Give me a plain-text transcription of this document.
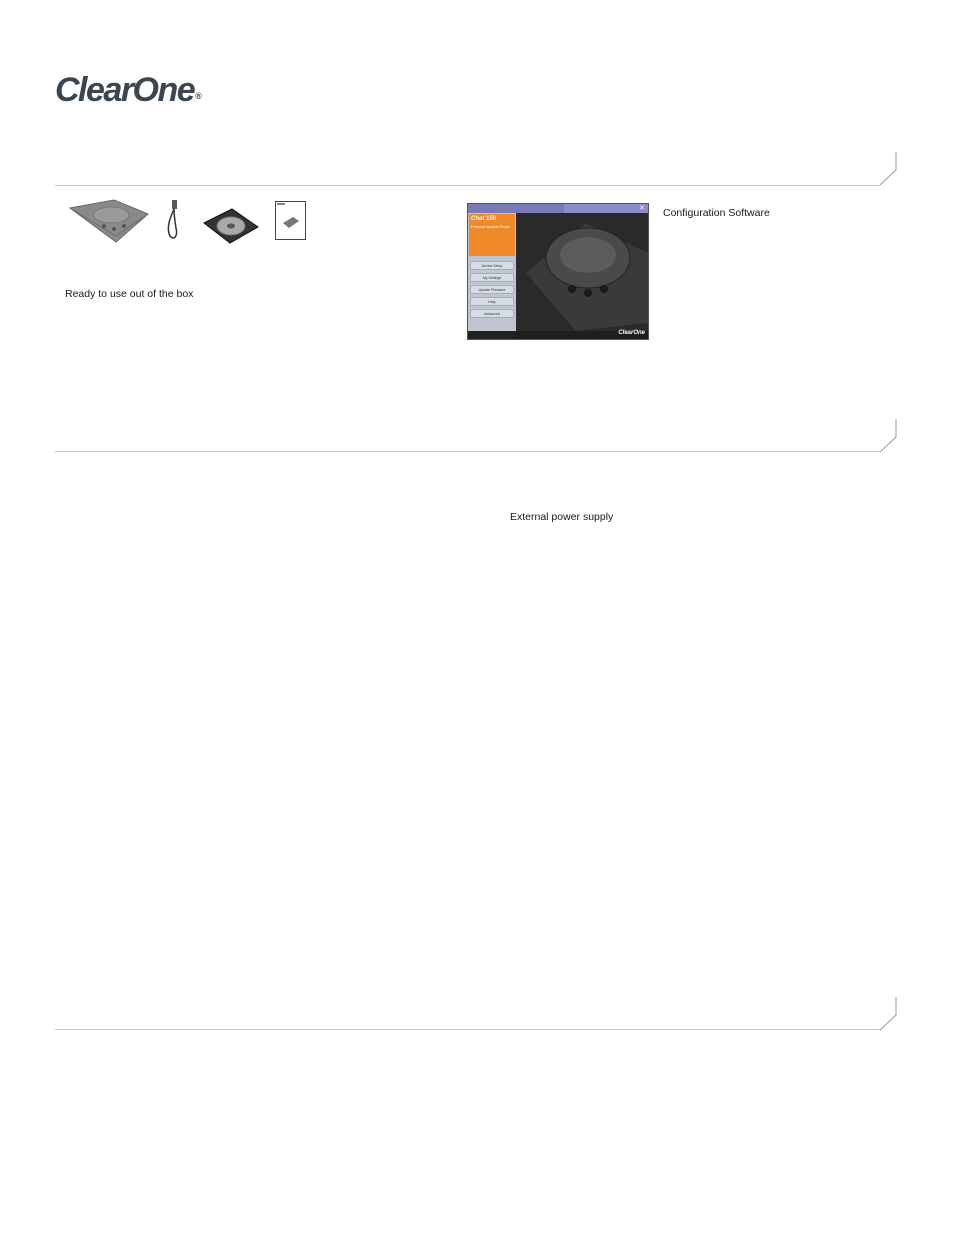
ClearOne®
Ready to use out of the box
✕
Chat 150
Personal Speaker Phone
Device Setup
My Settings
Update Firmware
Help
Advanced
ClearOne
Configuration Software
External power supply
